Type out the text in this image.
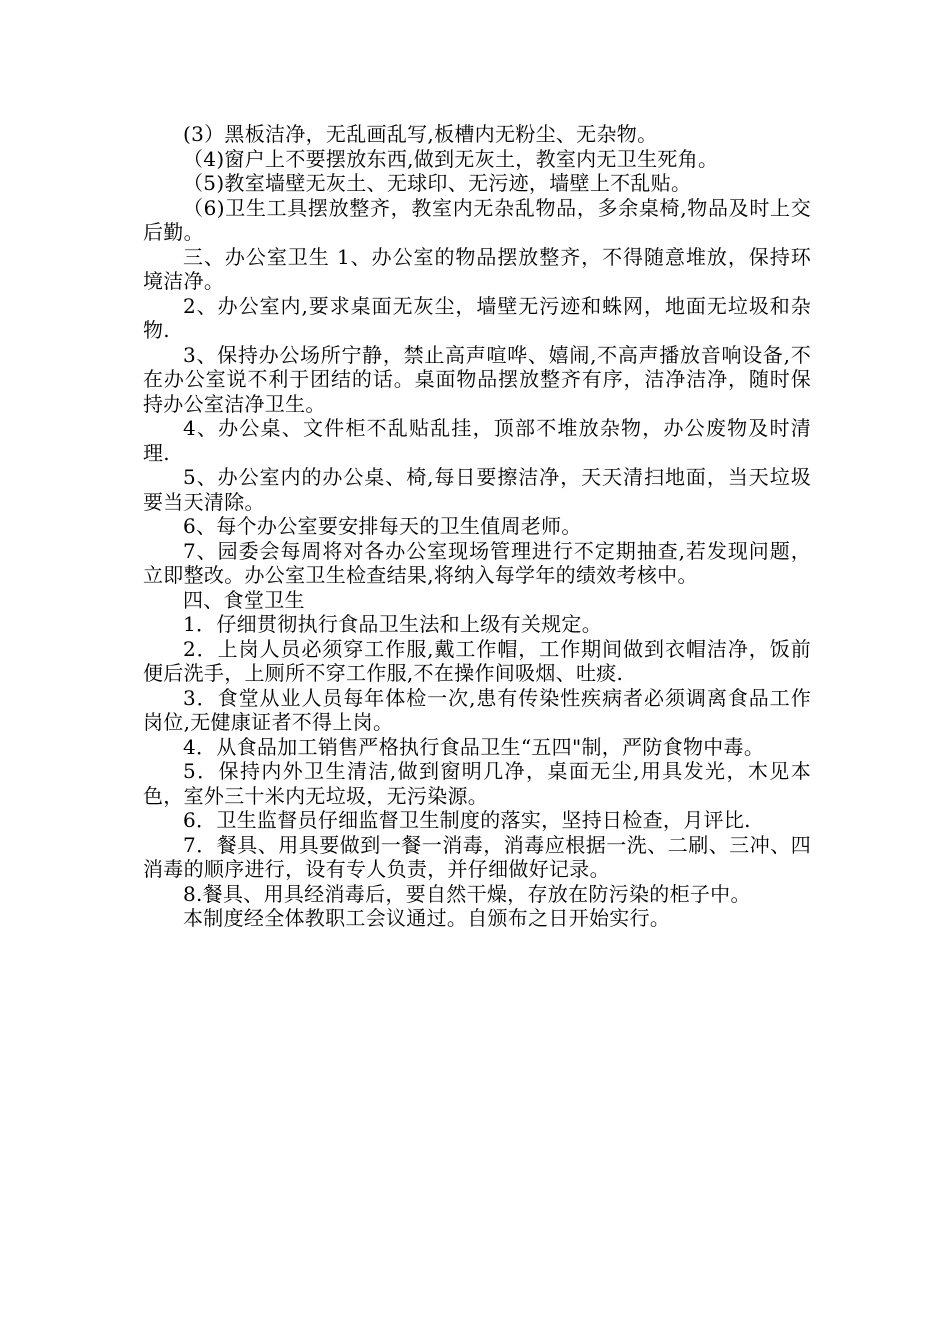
(3）黑板洁净，无乱画乱写,板槽内无粉尘、无杂物。

（4)窗户上不要摆放东西,做到无灰土，教室内无卫生死角。

（5)教室墙壁无灰土、无球印、无污迹，墙壁上不乱贴。

（6)卫生工具摆放整齐，教室内无杂乱物品，多余桌椅,物品及时上交后勤。

三、办公室卫生 1、办公室的物品摆放整齐，不得随意堆放，保持环境洁净。

2、办公室内,要求桌面无灰尘，墙壁无污迹和蛛网，地面无垃圾和杂物.

3、保持办公场所宁静，禁止高声喧哗、嬉闹,不高声播放音响设备,不在办公室说不利于团结的话。桌面物品摆放整齐有序，洁净洁净，随时保持办公室洁净卫生。

4、办公桌、文件柜不乱贴乱挂，顶部不堆放杂物，办公废物及时清理.

5、办公室内的办公桌、椅,每日要擦洁净，天天清扫地面，当天垃圾要当天清除。

6、每个办公室要安排每天的卫生值周老师。

7、园委会每周将对各办公室现场管理进行不定期抽查,若发现问题，立即整改。办公室卫生检查结果,将纳入每学年的绩效考核中。

四、食堂卫生

1．仔细贯彻执行食品卫生法和上级有关规定。

2．上岗人员必须穿工作服,戴工作帽，工作期间做到衣帽洁净，饭前便后洗手，上厕所不穿工作服,不在操作间吸烟、吐痰.

3．食堂从业人员每年体检一次,患有传染性疾病者必须调离食品工作岗位,无健康证者不得上岗。

4．从食品加工销售严格执行食品卫生“五四"制，严防食物中毒。

5．保持内外卫生清洁,做到窗明几净，桌面无尘,用具发光，木见本色，室外三十米内无垃圾，无污染源。

6．卫生监督员仔细监督卫生制度的落实，坚持日检查，月评比.

7．餐具、用具要做到一餐一消毒，消毒应根据一洗、二刷、三冲、四消毒的顺序进行，设有专人负责，并仔细做好记录。

8.餐具、用具经消毒后，要自然干燥，存放在防污染的柜子中。

本制度经全体教职工会议通过。自颁布之日开始实行。
